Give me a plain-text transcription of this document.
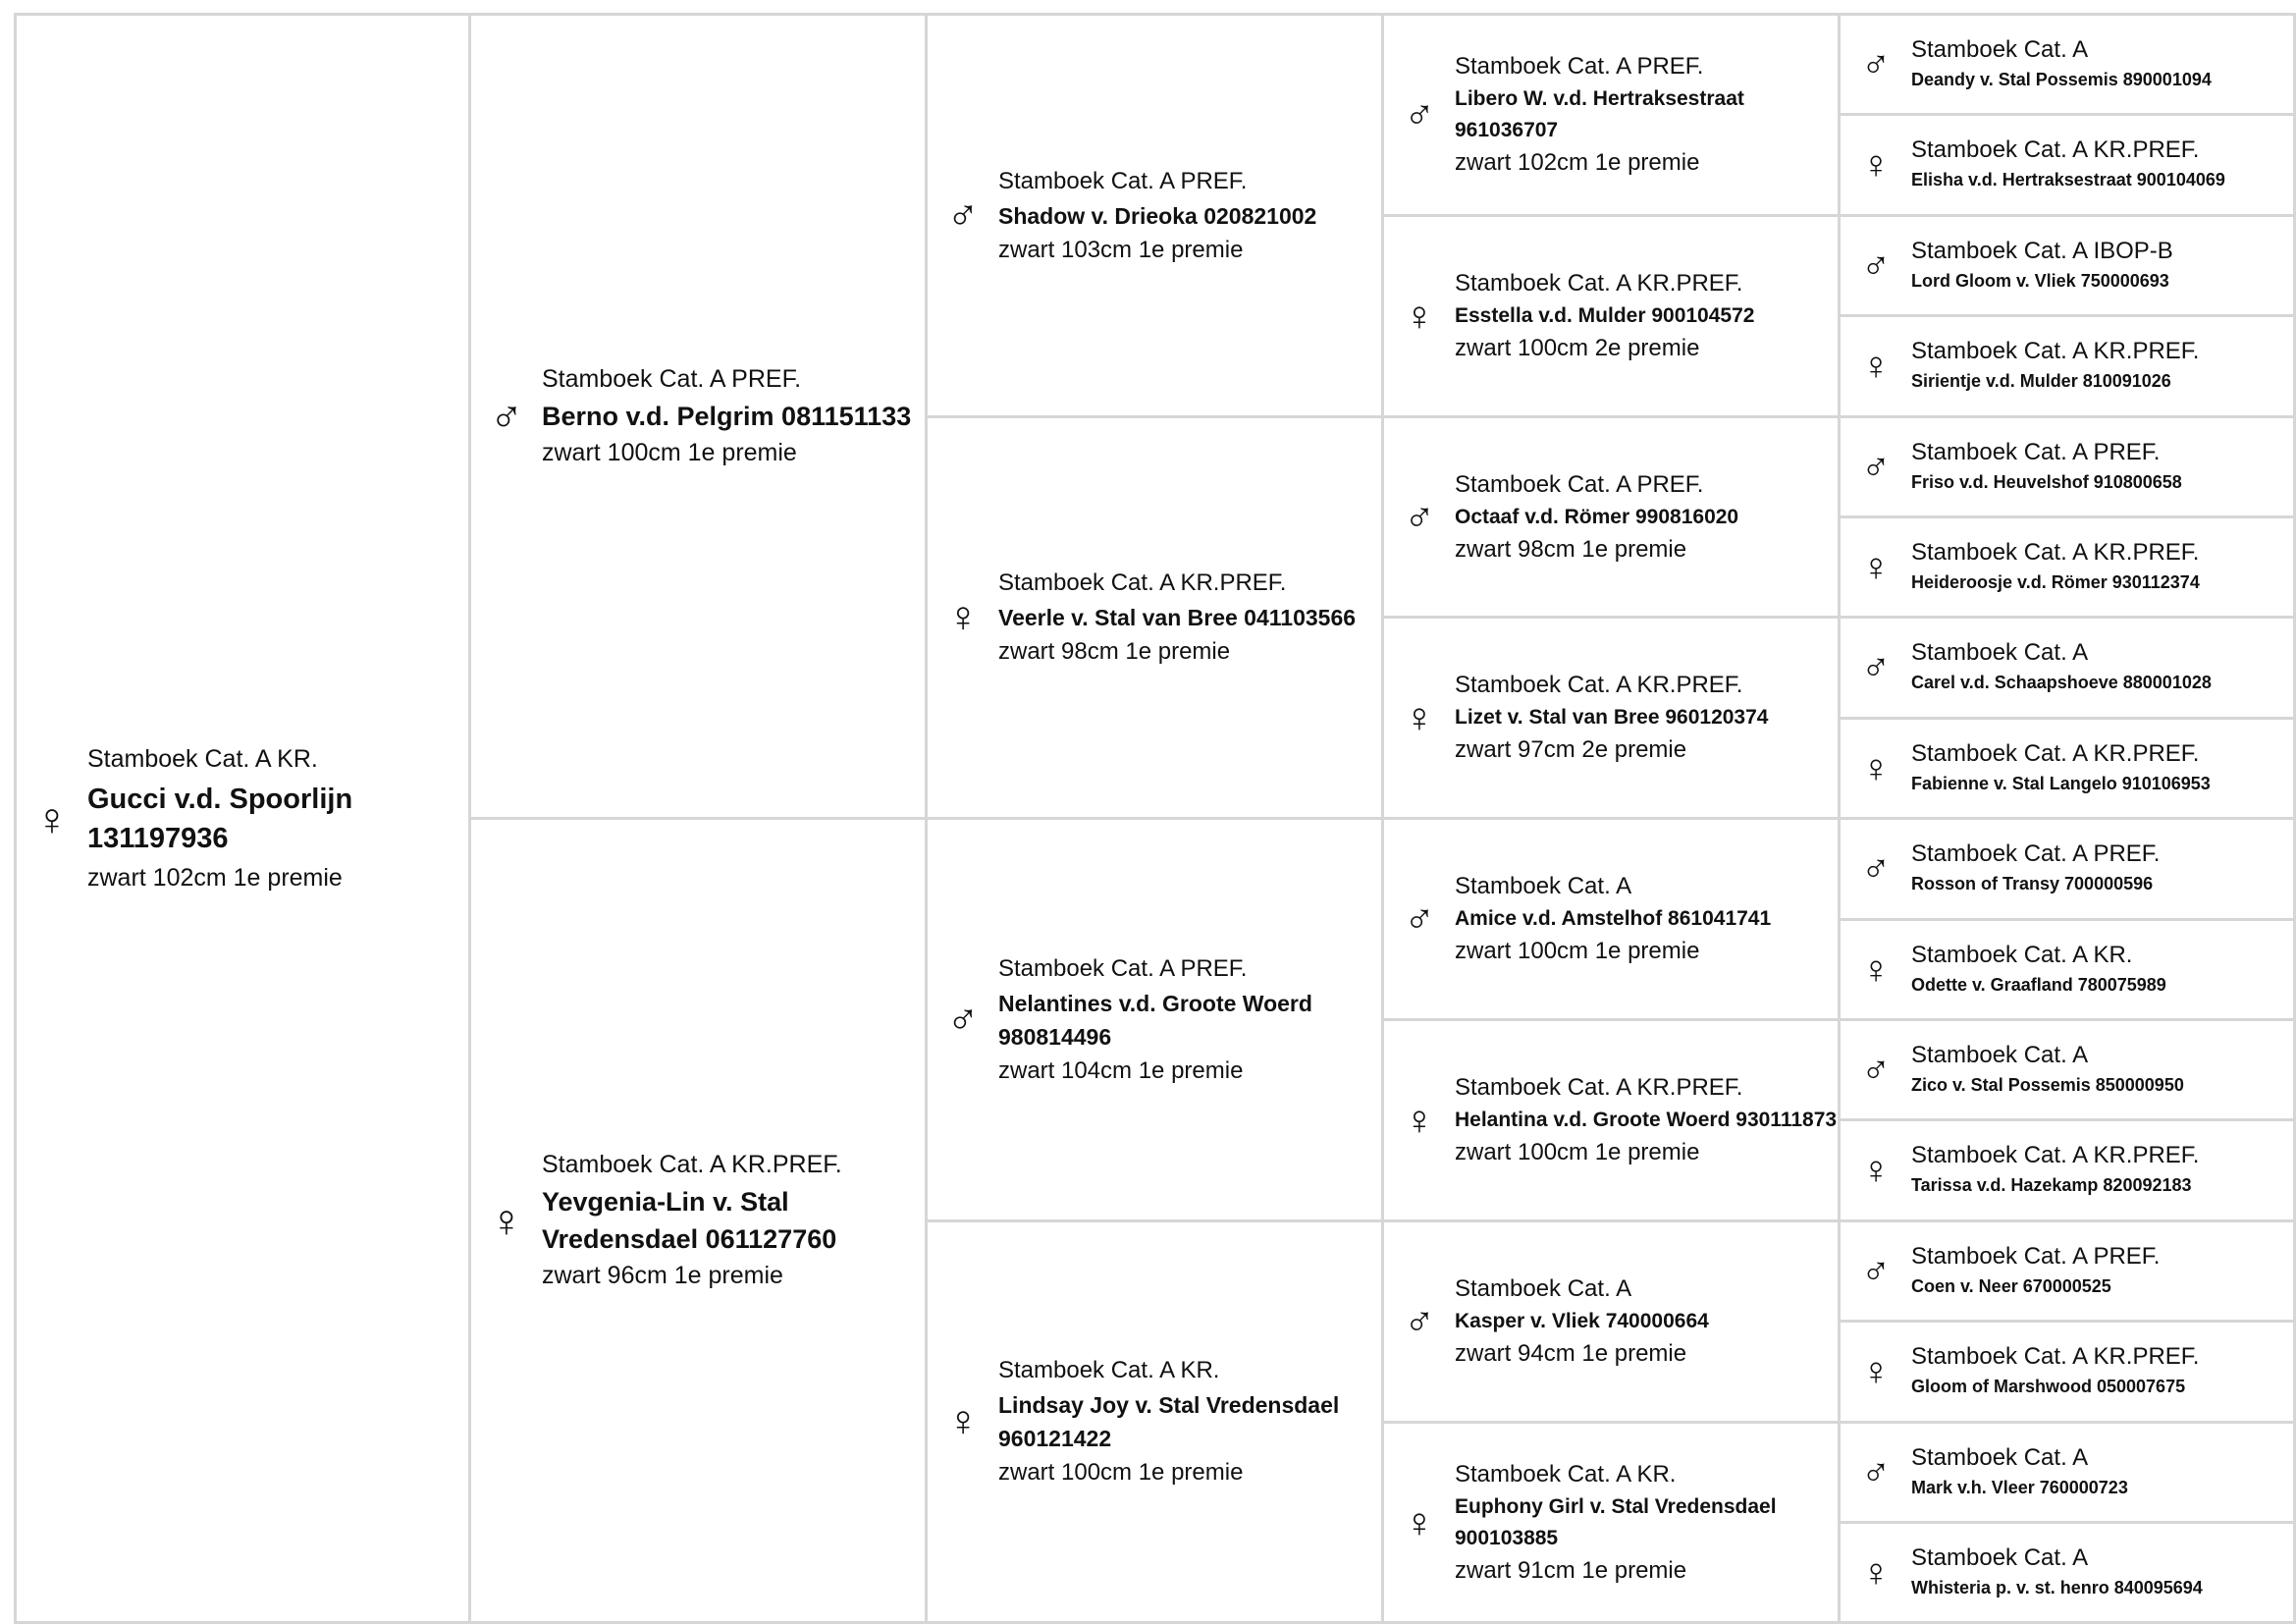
♀
Stamboek Cat. A KR.
Gucci v.d. Spoorlijn 131197936
zwart 102cm 1e premie
♂
Stamboek Cat. A PREF.
Berno v.d. Pelgrim 081151133
zwart 100cm 1e premie
♀
Stamboek Cat. A KR.PREF.
Yevgenia-Lin v. Stal Vredensdael 061127760
zwart 96cm 1e premie
♂
Stamboek Cat. A PREF.
Shadow v. Drieoka 020821002
zwart 103cm 1e premie
♀
Stamboek Cat. A KR.PREF.
Veerle v. Stal van Bree 041103566
zwart 98cm 1e premie
♂
Stamboek Cat. A PREF.
Nelantines v.d. Groote Woerd 980814496
zwart 104cm 1e premie
♀
Stamboek Cat. A KR.
Lindsay Joy v. Stal Vredensdael 960121422
zwart 100cm 1e premie
♂
Stamboek Cat. A PREF.
Libero W. v.d. Hertraksestraat 961036707
zwart 102cm 1e premie
♀
Stamboek Cat. A KR.PREF.
Esstella v.d. Mulder 900104572
zwart 100cm 2e premie
♂
Stamboek Cat. A PREF.
Octaaf v.d. Römer 990816020
zwart 98cm 1e premie
♀
Stamboek Cat. A KR.PREF.
Lizet v. Stal van Bree 960120374
zwart 97cm 2e premie
♂
Stamboek Cat. A
Amice v.d. Amstelhof 861041741
zwart 100cm 1e premie
♀
Stamboek Cat. A KR.PREF.
Helantina v.d. Groote Woerd 930111873
zwart 100cm 1e premie
♂
Stamboek Cat. A
Kasper v. Vliek 740000664
zwart 94cm 1e premie
♀
Stamboek Cat. A KR.
Euphony Girl v. Stal Vredensdael 900103885
zwart 91cm 1e premie
♂ Stamboek Cat. A
Deandy v. Stal Possemis 890001094
♀ Stamboek Cat. A KR.PREF.
Elisha v.d. Hertraksestraat 900104069
♂ Stamboek Cat. A IBOP-B
Lord Gloom v. Vliek 750000693
♀ Stamboek Cat. A KR.PREF.
Sirientje v.d. Mulder 810091026
♂ Stamboek Cat. A PREF.
Friso v.d. Heuvelshof 910800658
♀ Stamboek Cat. A KR.PREF.
Heideroosje v.d. Römer 930112374
♂ Stamboek Cat. A
Carel v.d. Schaapshoeve 880001028
♀ Stamboek Cat. A KR.PREF.
Fabienne v. Stal Langelo 910106953
♂ Stamboek Cat. A PREF.
Rosson of Transy 700000596
♀ Stamboek Cat. A KR.
Odette v. Graafland 780075989
♂ Stamboek Cat. A
Zico v. Stal Possemis 850000950
♀ Stamboek Cat. A KR.PREF.
Tarissa v.d. Hazekamp 820092183
♂ Stamboek Cat. A PREF.
Coen v. Neer 670000525
♀ Stamboek Cat. A KR.PREF.
Gloom of Marshwood 050007675
♂ Stamboek Cat. A
Mark v.h. Vleer 760000723
♀ Stamboek Cat. A
Whisteria p. v. st. henro 840095694
